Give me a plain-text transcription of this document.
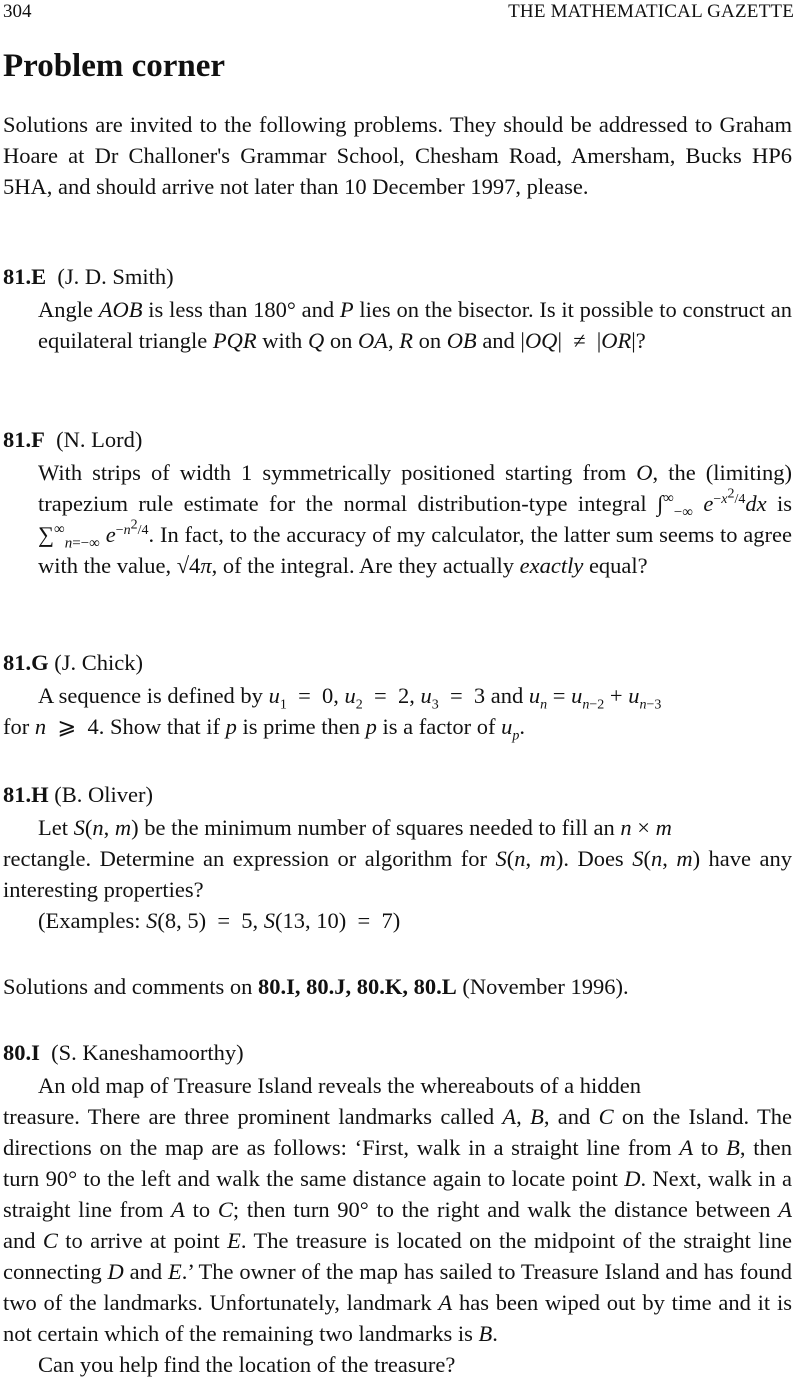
304	THE MATHEMATICAL GAZETTE
Problem corner

Solutions are invited to the following problems. They should be addressed to Graham Hoare at Dr Challoner's Grammar School, Chesham Road, Amersham, Bucks HP6 5HA, and should arrive not later than 10 December 1997, please.

81.E (J. D. Smith)

Angle AOB is less than 180° and P lies on the bisector. Is it possible to construct an equilateral triangle PQR with Q on OA, R on OB and |OQ|  ≠  |OR|?

81.F (N. Lord)

With strips of width 1 symmetrically positioned starting from O, the (limiting) trapezium rule estimate for the normal distribution-type integral $\int^\infty_{-\infty}$ $e^{-x^2/4}dx$ is $\sum^\infty_{n=-\infty}$ $e^{-n^2/4}$. In fact, to the accuracy of my calculator, the latter sum seems to agree with the value, √4π, of the integral. Are they actually exactly equal?

81.G (J. Chick)

A sequence is defined by $u_1 = 0$, $u_2 = 2$, $u_3 = 3$ and $u_n = u_{n-2} + u_{n-3}$

for n  ⩾  4. Show that if p is prime then p is a factor of $u_p$.

81.H (B. Oliver)

Let S(n, m) be the minimum number of squares needed to fill an n × m

rectangle. Determine an expression or algorithm for S(n, m). Does S(n, m) have any interesting properties?

(Examples: S(8, 5)  =  5, S(13, 10)  =  7)

Solutions and comments on 80.I, 80.J, 80.K, 80.L (November 1996).

80.I (S. Kaneshamoorthy)

An old map of Treasure Island reveals the whereabouts of a hidden

treasure. There are three prominent landmarks called A, B, and C on the Island. The directions on the map are as follows: ‘First, walk in a straight line from A to B, then turn 90° to the left and walk the same distance again to locate point D. Next, walk in a straight line from A to C; then turn 90° to the right and walk the distance between A and C to arrive at point E. The treasure is located on the midpoint of the straight line connecting D and E.’ The owner of the map has sailed to Treasure Island and has found two of the landmarks. Unfortunately, landmark A has been wiped out by time and it is not certain which of the remaining two landmarks is B.

Can you help find the location of the treasure?
